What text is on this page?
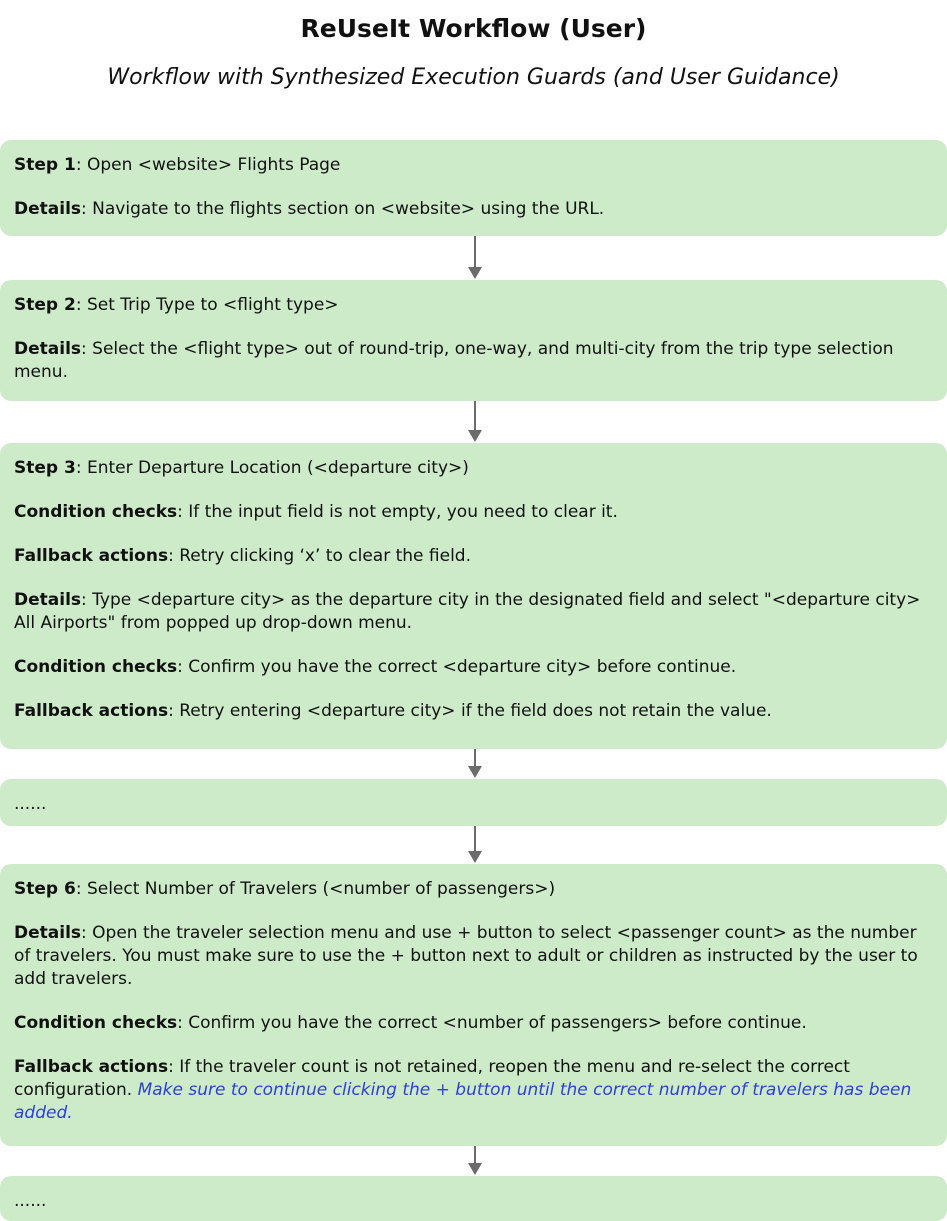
ReUseIt Workflow (User)
Workflow with Synthesized Execution Guards (and User Guidance)

Step 1: Open <website> Flights Page

Details: Navigate to the flights section on <website> using the URL.

Step 2: Set Trip Type to <flight type>

Details: Select the <flight type> out of round-trip, one-way, and multi-city from the trip type selection menu.

Step 3: Enter Departure Location (<departure city>)

Condition checks: If the input field is not empty, you need to clear it.

Fallback actions: Retry clicking ‘x’ to clear the field.

Details: Type <departure city> as the departure city in the designated field and select "<departure city> All Airports" from popped up drop-down menu.

Condition checks: Confirm you have the correct <departure city> before continue.

Fallback actions: Retry entering <departure city> if the field does not retain the value.

......

Step 6: Select Number of Travelers (<number of passengers>)

Details: Open the traveler selection menu and use + button to select <passenger count> as the number of travelers. You must make sure to use the + button next to adult or children as instructed by the user to add travelers.

Condition checks: Confirm you have the correct <number of passengers> before continue.

Fallback actions: If the traveler count is not retained, reopen the menu and re-select the correct configuration. Make sure to continue clicking the + button until the correct number of travelers has been added.

......
